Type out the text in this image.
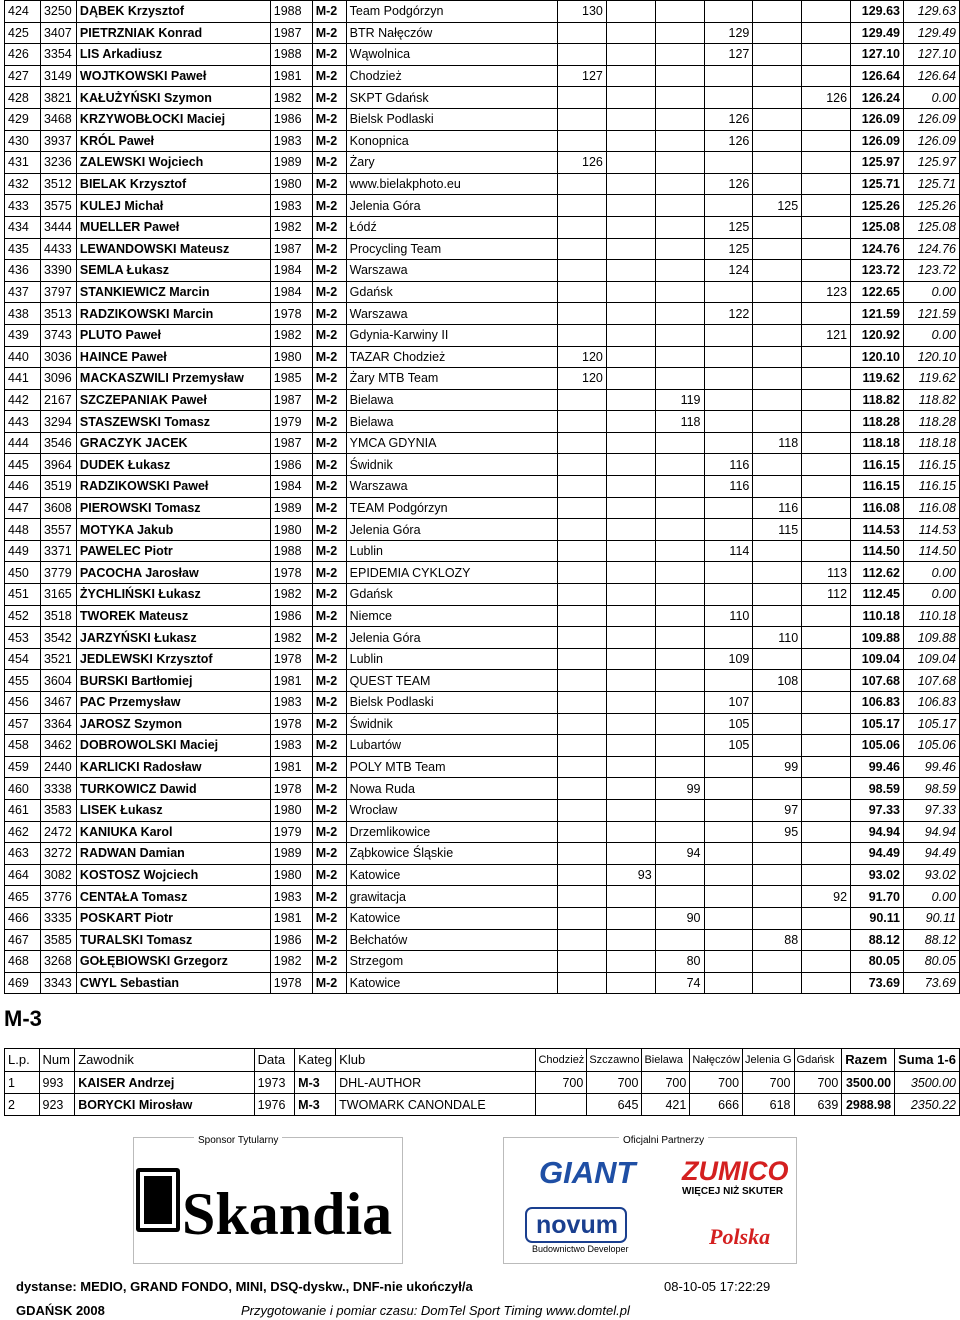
424	3250	DĄBEK Krzysztof	1988	M-2	Team Podgórzyn	130						129.63	129.63
425	3407	PIETRZNIAK Konrad	1987	M-2	BTR Nałęczów				129			129.49	129.49
426	3354	LIS Arkadiusz	1988	M-2	Wąwolnica				127			127.10	127.10
427	3149	WOJTKOWSKI Paweł	1981	M-2	Chodzież	127						126.64	126.64
428	3821	KAŁUŻYŃSKI Szymon	1982	M-2	SKPT Gdańsk						126	126.24	0.00
429	3468	KRZYWOBŁOCKI Maciej	1986	M-2	Bielsk Podlaski				126			126.09	126.09
430	3937	KRÓL Paweł	1983	M-2	Konopnica				126			126.09	126.09
431	3236	ZALEWSKI Wojciech	1989	M-2	Żary	126						125.97	125.97
432	3512	BIELAK Krzysztof	1980	M-2	www.bielakphoto.eu				126			125.71	125.71
433	3575	KULEJ Michał	1983	M-2	Jelenia Góra					125		125.26	125.26
434	3444	MUELLER Paweł	1982	M-2	Łódź				125			125.08	125.08
435	4433	LEWANDOWSKI Mateusz	1987	M-2	Procycling Team				125			124.76	124.76
436	3390	SEMLA Łukasz	1984	M-2	Warszawa				124			123.72	123.72
437	3797	STANKIEWICZ Marcin	1984	M-2	Gdańsk						123	122.65	0.00
438	3513	RADZIKOWSKI Marcin	1978	M-2	Warszawa				122			121.59	121.59
439	3743	PLUTO Paweł	1982	M-2	Gdynia-Karwiny II						121	120.92	0.00
440	3036	HAINCE Paweł	1980	M-2	TAZAR Chodzież	120						120.10	120.10
441	3096	MACKASZWILI Przemysław	1985	M-2	Żary MTB Team	120						119.62	119.62
442	2167	SZCZEPANIAK Paweł	1987	M-2	Bielawa			119				118.82	118.82
443	3294	STASZEWSKI Tomasz	1979	M-2	Bielawa			118				118.28	118.28
444	3546	GRACZYK JACEK	1987	M-2	YMCA GDYNIA					118		118.18	118.18
445	3964	DUDEK Łukasz	1986	M-2	Świdnik				116			116.15	116.15
446	3519	RADZIKOWSKI Paweł	1984	M-2	Warszawa				116			116.15	116.15
447	3608	PIEROWSKI Tomasz	1989	M-2	TEAM Podgórzyn					116		116.08	116.08
448	3557	MOTYKA Jakub	1980	M-2	Jelenia Góra					115		114.53	114.53
449	3371	PAWELEC Piotr	1988	M-2	Lublin				114			114.50	114.50
450	3779	PACOCHA Jarosław	1978	M-2	EPIDEMIA CYKLOZY						113	112.62	0.00
451	3165	ŻYCHLIŃSKI Łukasz	1982	M-2	Gdańsk						112	112.45	0.00
452	3518	TWOREK Mateusz	1986	M-2	Niemce				110			110.18	110.18
453	3542	JARZYŃSKI Łukasz	1982	M-2	Jelenia Góra					110		109.88	109.88
454	3521	JEDLEWSKI Krzysztof	1978	M-2	Lublin				109			109.04	109.04
455	3604	BURSKI Bartłomiej	1981	M-2	QUEST TEAM					108		107.68	107.68
456	3467	PAC Przemysław	1983	M-2	Bielsk Podlaski				107			106.83	106.83
457	3364	JAROSZ Szymon	1978	M-2	Świdnik				105			105.17	105.17
458	3462	DOBROWOLSKI Maciej	1983	M-2	Lubartów				105			105.06	105.06
459	2440	KARLICKI Radosław	1981	M-2	POLY MTB Team					99		99.46	99.46
460	3338	TURKOWICZ Dawid	1978	M-2	Nowa Ruda			99				98.59	98.59
461	3583	LISEK Łukasz	1980	M-2	Wrocław					97		97.33	97.33
462	2472	KANIUKA Karol	1979	M-2	Drzemlikowice					95		94.94	94.94
463	3272	RADWAN Damian	1989	M-2	Ząbkowice Śląskie			94				94.49	94.49
464	3082	KOSTOSZ Wojciech	1980	M-2	Katowice		93					93.02	93.02
465	3776	CENTAŁA Tomasz	1983	M-2	grawitacja						92	91.70	0.00
466	3335	POSKART Piotr	1981	M-2	Katowice			90				90.11	90.11
467	3585	TURALSKI Tomasz	1986	M-2	Bełchatów					88		88.12	88.12
468	3268	GOŁĘBIOWSKI Grzegorz	1982	M-2	Strzegom			80				80.05	80.05
469	3343	CWYL Sebastian	1978	M-2	Katowice			74				73.69	73.69
M-3
L.p.	Num	Zawodnik	Data	Kateg	Klub	Chodzież	Szczawno	Bielawa	Nałęczów	Jelenia G	Gdańsk	Razem	Suma 1-6
1	993	KAISER Andrzej	1973	M-3	DHL-AUTHOR	700	700	700	700	700	700	3500.00	3500.00
2	923	BORYCKI Mirosław	1976	M-3	TWOMARK CANONDALE		645	421	666	618	639	2988.98	2350.22
Sponsor Tytularny
Skandia
Oficjalni Partnerzy
GIANT ZUMICO
WIĘCEJ NIŻ SKUTER
novum
Budownictwo Developer	Polska
dystanse: MEDIO, GRAND FONDO, MINI, DSQ-dyskw., DNF-nie ukończył/a	08-10-05 17:22:29
GDAŃSK 2008	Przygotowanie i pomiar czasu: DomTel Sport Timing www.domtel.pl
